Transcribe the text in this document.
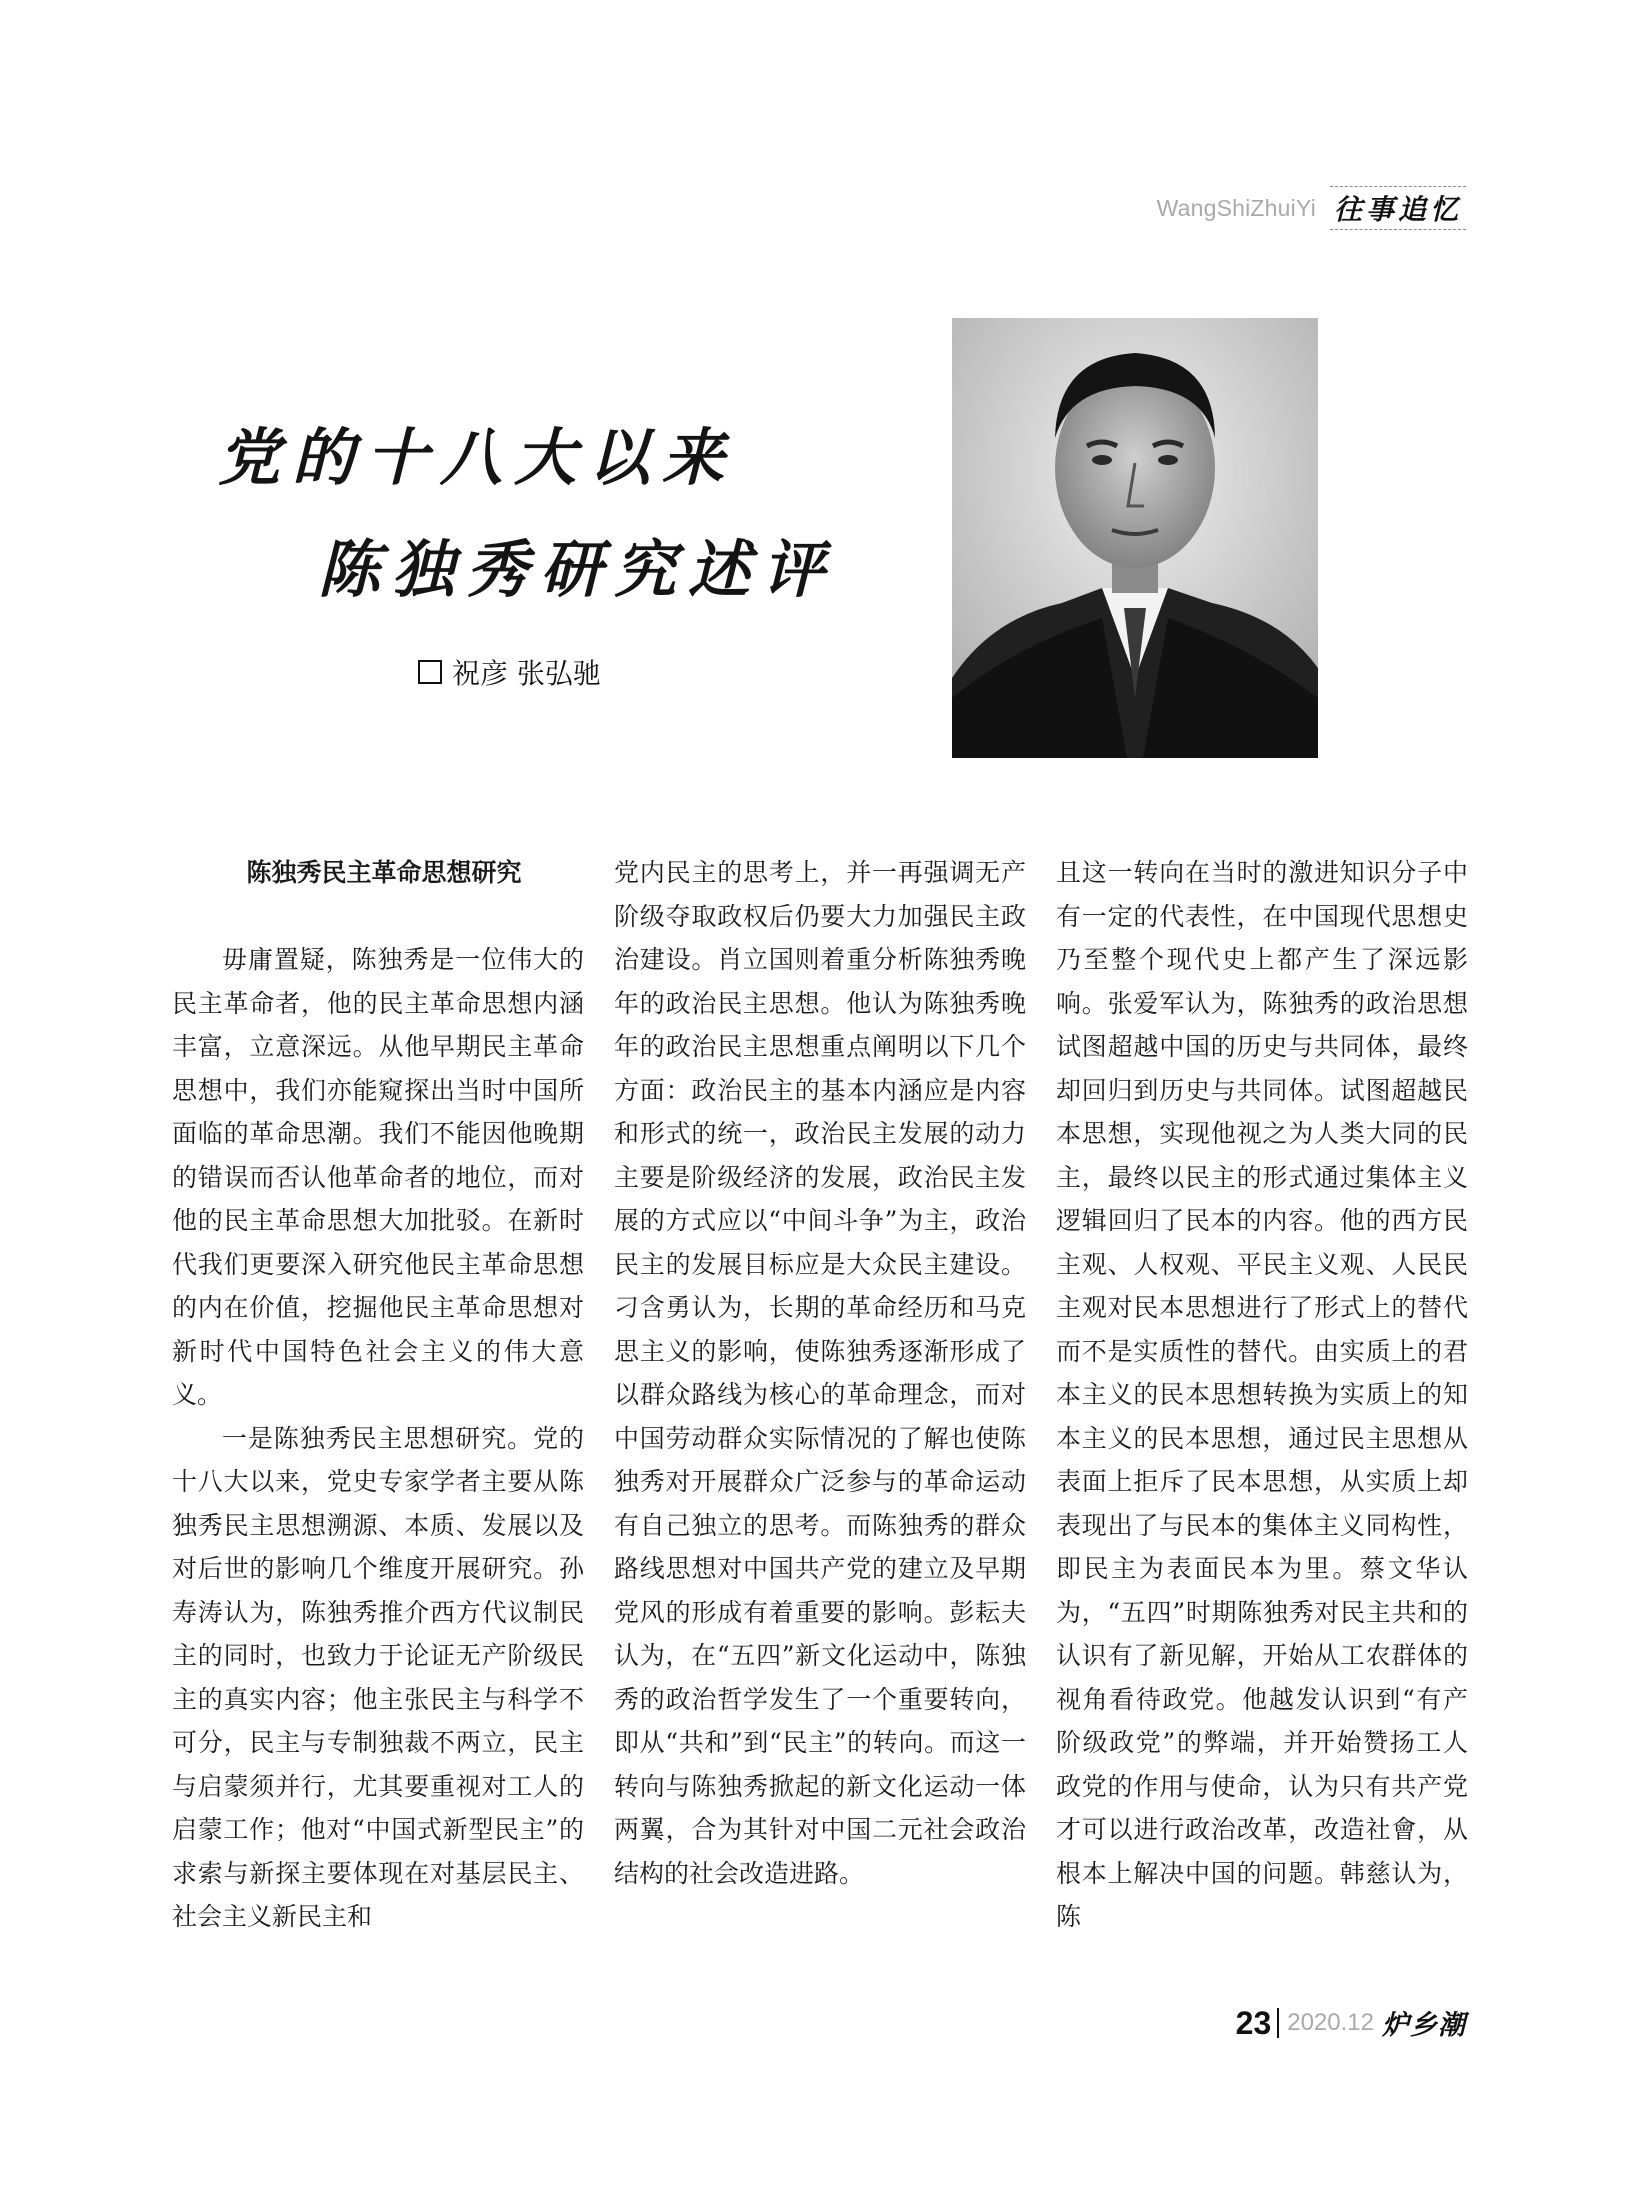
WangShiZhuiYi 往事追忆
党的十八大以来
陈独秀研究述评
祝彦 张弘驰

陈独秀民主革命思想研究

毋庸置疑，陈独秀是一位伟大的民主革命者，他的民主革命思想内涵丰富，立意深远。从他早期民主革命思想中，我们亦能窥探出当时中国所面临的革命思潮。我们不能因他晚期的错误而否认他革命者的地位，而对他的民主革命思想大加批驳。在新时代我们更要深入研究他民主革命思想的内在价值，挖掘他民主革命思想对新时代中国特色社会主义的伟大意义。

一是陈独秀民主思想研究。党的十八大以来，党史专家学者主要从陈独秀民主思想溯源、本质、发展以及对后世的影响几个维度开展研究。孙寿涛认为，陈独秀推介西方代议制民主的同时，也致力于论证无产阶级民主的真实内容；他主张民主与科学不可分，民主与专制独裁不两立，民主与启蒙须并行，尤其要重视对工人的启蒙工作；他对“中国式新型民主”的求索与新探主要体现在对基层民主、社会主义新民主和

党内民主的思考上，并一再强调无产阶级夺取政权后仍要大力加强民主政治建设。肖立国则着重分析陈独秀晚年的政治民主思想。他认为陈独秀晚年的政治民主思想重点阐明以下几个方面：政治民主的基本内涵应是内容和形式的统一，政治民主发展的动力主要是阶级经济的发展，政治民主发展的方式应以“中间斗争”为主，政治民主的发展目标应是大众民主建设。刁含勇认为，长期的革命经历和马克思主义的影响，使陈独秀逐渐形成了以群众路线为核心的革命理念，而对中国劳动群众实际情况的了解也使陈独秀对开展群众广泛参与的革命运动有自己独立的思考。而陈独秀的群众路线思想对中国共产党的建立及早期党风的形成有着重要的影响。彭耘夫认为，在“五四”新文化运动中，陈独秀的政治哲学发生了一个重要转向，即从“共和”到“民主”的转向。而这一转向与陈独秀掀起的新文化运动一体两翼，合为其针对中国二元社会政治结构的社会改造进路。

且这一转向在当时的激进知识分子中有一定的代表性，在中国现代思想史乃至整个现代史上都产生了深远影响。张爱军认为，陈独秀的政治思想试图超越中国的历史与共同体，最终却回归到历史与共同体。试图超越民本思想，实现他视之为人类大同的民主，最终以民主的形式通过集体主义逻辑回归了民本的内容。他的西方民主观、人权观、平民主义观、人民民主观对民本思想进行了形式上的替代而不是实质性的替代。由实质上的君本主义的民本思想转换为实质上的知本主义的民本思想，通过民主思想从表面上拒斥了民本思想，从实质上却表现出了与民本的集体主义同构性，即民主为表面民本为里。蔡文华认为，“五四”时期陈独秀对民主共和的认识有了新见解，开始从工农群体的视角看待政党。他越发认识到“有产阶级政党”的弊端，并开始赞扬工人政党的作用与使命，认为只有共产党才可以进行政治改革，改造社會，从根本上解决中国的问题。韩慈认为，陈

23 2020.12 炉乡潮
